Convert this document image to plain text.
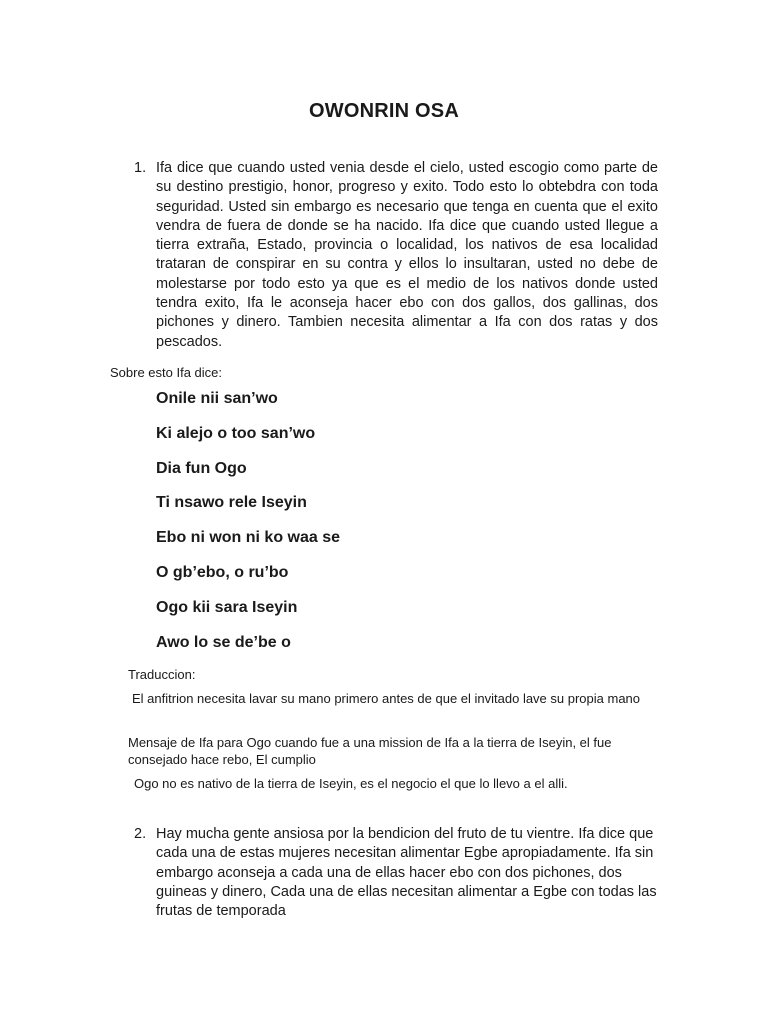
OWONRIN OSA
1. Ifa dice que cuando usted venia desde el cielo, usted escogio como parte de su destino prestigio, honor, progreso y exito. Todo esto lo obtebdra con toda seguridad. Usted sin embargo es necesario que tenga en cuenta que el exito vendra de fuera de donde se ha nacido. Ifa dice que cuando usted llegue a tierra extraña, Estado, provincia o localidad, los nativos de esa localidad trataran de conspirar en su contra y ellos lo insultaran, usted no debe de molestarse por todo esto ya que es el medio de los nativos donde usted tendra exito, Ifa le aconseja hacer ebo con dos gallos, dos gallinas, dos pichones y dinero. Tambien necesita alimentar a Ifa con dos ratas y dos pescados.
Sobre esto Ifa dice:
Onile nii san’wo
Ki alejo o too san’wo
Dia fun Ogo
Ti nsawo rele Iseyin
Ebo ni won ni ko waa se
O gb’ebo, o ru’bo
Ogo kii sara Iseyin
Awo lo se de’be o
Traduccion:
El anfitrion necesita lavar su mano primero antes de que el invitado lave su propia mano
Mensaje de Ifa para Ogo cuando fue a una mission de Ifa a la tierra de Iseyin, el fue consejado hace rebo, El cumplio
Ogo no es nativo de la tierra de Iseyin, es el negocio el que lo llevo a el alli.
2. Hay mucha gente ansiosa por la bendicion del fruto de tu vientre. Ifa dice que cada una de estas mujeres necesitan alimentar Egbe apropiadamente. Ifa sin embargo aconseja a cada una de ellas hacer ebo con dos pichones, dos guineas y dinero, Cada una de ellas necesitan alimentar a Egbe con todas las frutas de temporada
